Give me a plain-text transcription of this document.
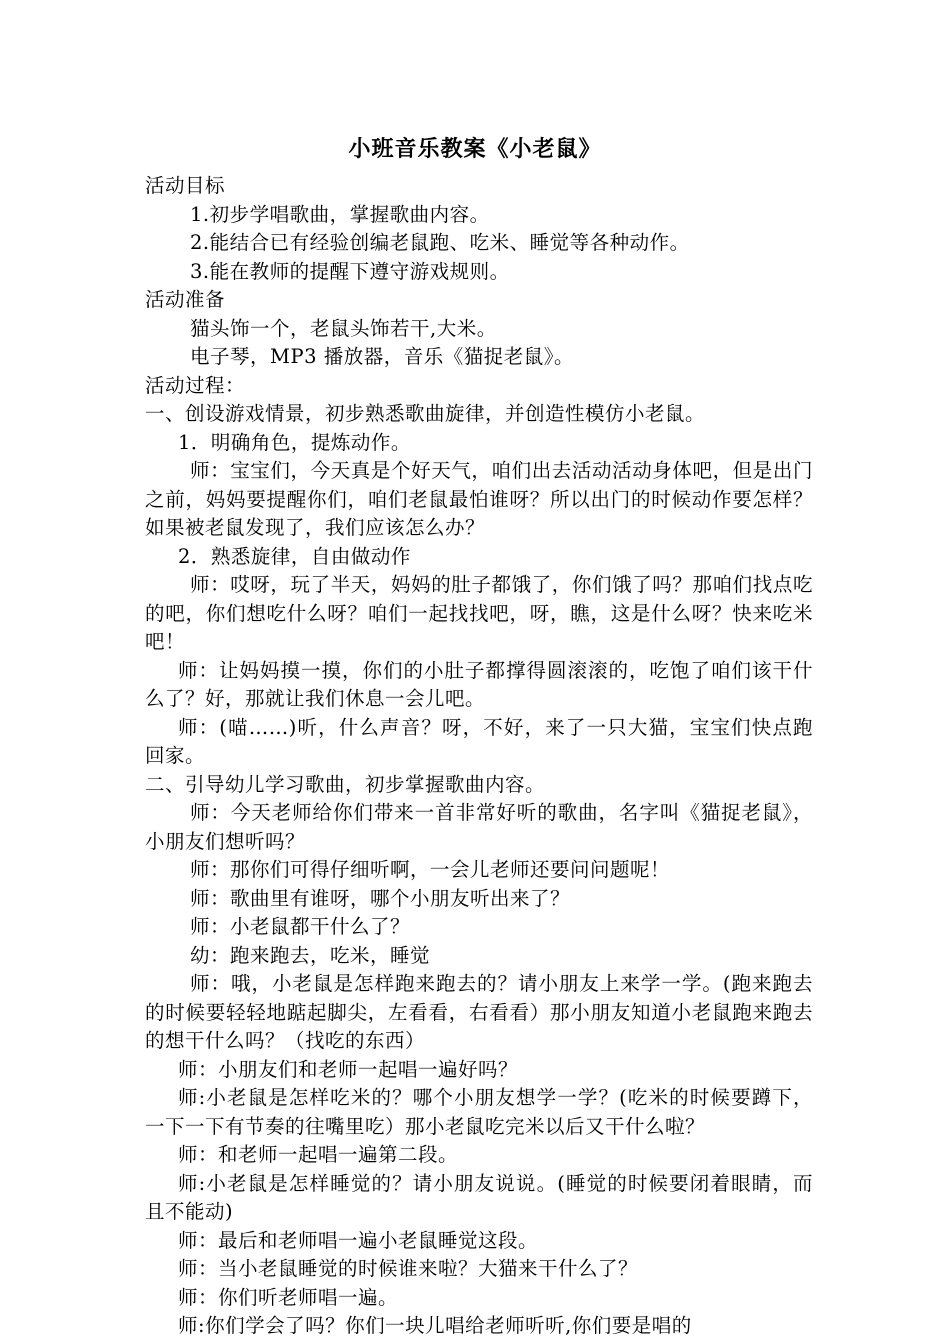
小班音乐教案《小老鼠》
活动目标
1.初步学唱歌曲，掌握歌曲内容。
2.能结合已有经验创编老鼠跑、吃米、睡觉等各种动作。
3.能在教师的提醒下遵守游戏规则。
活动准备
猫头饰一个，老鼠头饰若干,大米。
电子琴，MP3 播放器，音乐《猫捉老鼠》。
活动过程：
一、创设游戏情景，初步熟悉歌曲旋律，并创造性模仿小老鼠。
1．明确角色，提炼动作。
师：宝宝们，今天真是个好天气，咱们出去活动活动身体吧，但是出门之前，妈妈要提醒你们，咱们老鼠最怕谁呀？所以出门的时候动作要怎样？如果被老鼠发现了，我们应该怎么办？
2．熟悉旋律，自由做动作
师：哎呀，玩了半天，妈妈的肚子都饿了，你们饿了吗？那咱们找点吃的吧，你们想吃什么呀？咱们一起找找吧，呀，瞧，这是什么呀？快来吃米吧！
师：让妈妈摸一摸，你们的小肚子都撑得圆滚滚的，吃饱了咱们该干什么了？好，那就让我们休息一会儿吧。
师：(喵……)听，什么声音？呀，不好，来了一只大猫，宝宝们快点跑回家。
二、引导幼儿学习歌曲，初步掌握歌曲内容。
师：今天老师给你们带来一首非常好听的歌曲，名字叫《猫捉老鼠》，小朋友们想听吗？
师：那你们可得仔细听啊，一会儿老师还要问问题呢！
师：歌曲里有谁呀，哪个小朋友听出来了？
师：小老鼠都干什么了？
幼：跑来跑去，吃米，睡觉
师：哦，小老鼠是怎样跑来跑去的？请小朋友上来学一学。(跑来跑去的时候要轻轻地踮起脚尖，左看看，右看看）那小朋友知道小老鼠跑来跑去的想干什么吗？（找吃的东西）
师：小朋友们和老师一起唱一遍好吗？
师:小老鼠是怎样吃米的？哪个小朋友想学一学？(吃米的时候要蹲下，一下一下有节奏的往嘴里吃）那小老鼠吃完米以后又干什么啦？
师：和老师一起唱一遍第二段。
师:小老鼠是怎样睡觉的？请小朋友说说。(睡觉的时候要闭着眼睛，而且不能动)
师：最后和老师唱一遍小老鼠睡觉这段。
师：当小老鼠睡觉的时候谁来啦？大猫来干什么了？
师：你们听老师唱一遍。
师:你们学会了吗？你们一块儿唱给老师听听,你们要是唱的
